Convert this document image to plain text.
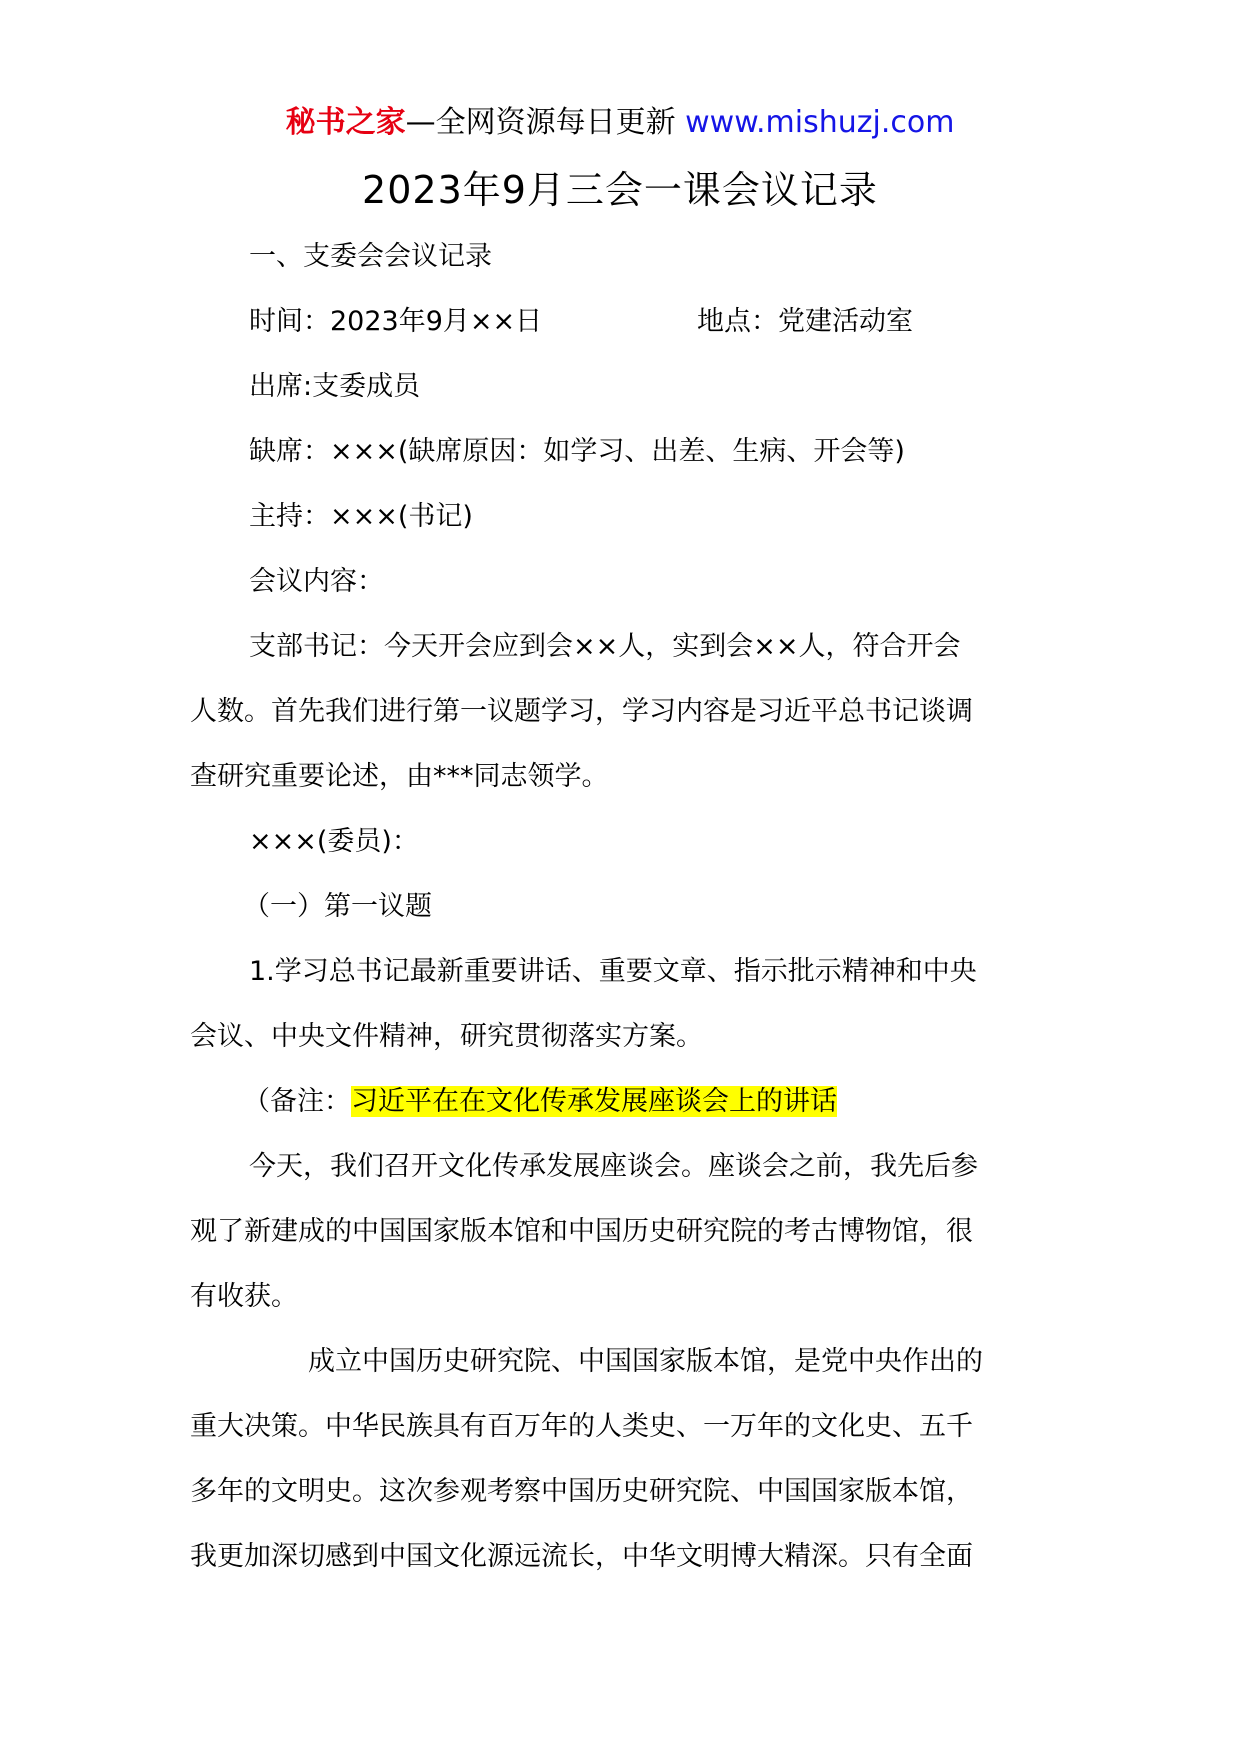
秘书之家—全网资源每日更新 www.mishuzj.com
2023年9月三会一课会议记录
一、支委会会议记录
时间：2023年9月××日	地点：党建活动室
出席:支委成员
缺席：×××(缺席原因：如学习、出差、生病、开会等)
主持：×××(书记)
会议内容：
支部书记：今天开会应到会××人，实到会××人，符合开会
人数。首先我们进行第一议题学习，学习内容是习近平总书记谈调
查研究重要论述，由***同志领学。
×××(委员)：
（一）第一议题
1.学习总书记最新重要讲话、重要文章、指示批示精神和中央
会议、中央文件精神，研究贯彻落实方案。
（备注：习近平在在文化传承发展座谈会上的讲话
今天，我们召开文化传承发展座谈会。座谈会之前，我先后参
观了新建成的中国国家版本馆和中国历史研究院的考古博物馆，很
有收获。
成立中国历史研究院、中国国家版本馆，是党中央作出的
重大决策。中华民族具有百万年的人类史、一万年的文化史、五千
多年的文明史。这次参观考察中国历史研究院、中国国家版本馆，
我更加深切感到中国文化源远流长，中华文明博大精深。只有全面
